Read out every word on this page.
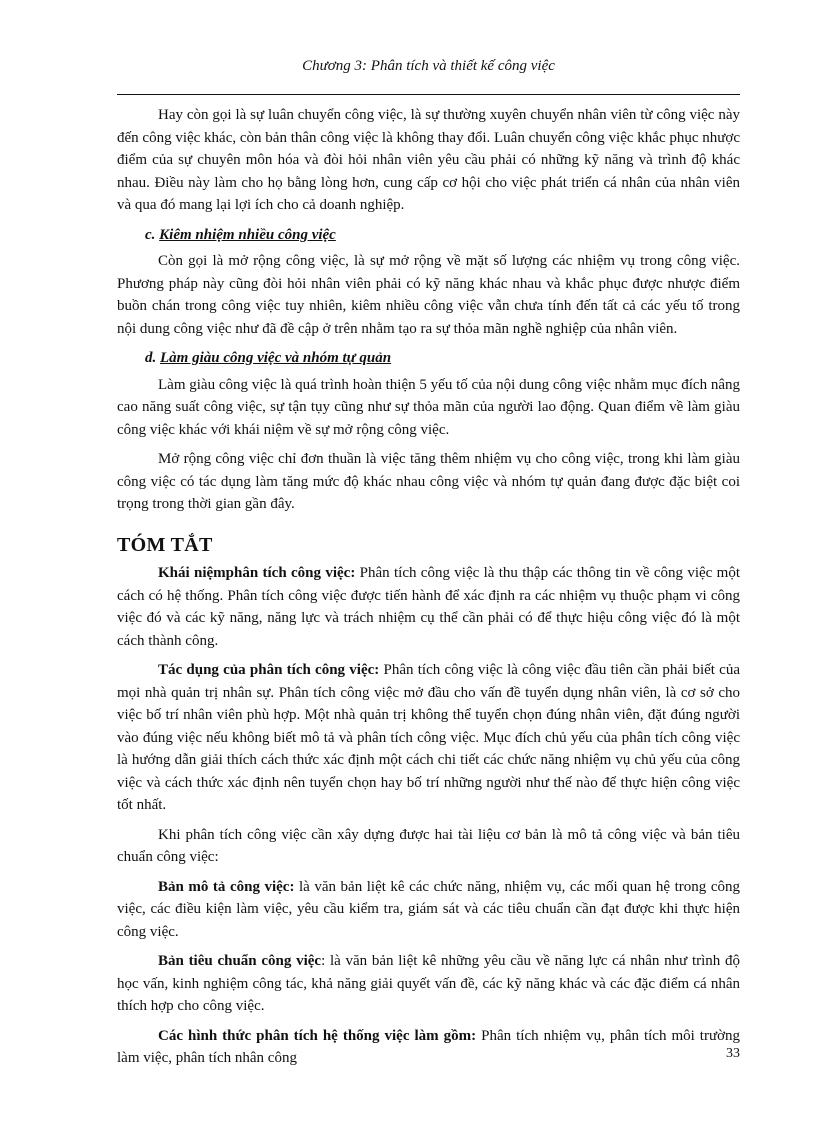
Chương 3: Phân tích và thiết kế công việc

Hay còn gọi là sự luân chuyển công việc, là sự thường xuyên chuyển nhân viên từ công việc này đến công việc khác, còn bản thân công việc là không thay đổi. Luân chuyển công việc khắc phục nhược điểm của sự chuyên môn hóa và đòi hỏi nhân viên yêu cầu phải có những kỹ năng và trình độ khác nhau. Điều này làm cho họ bằng lòng hơn, cung cấp cơ hội cho việc phát triển cá nhân của nhân viên và qua đó mang lại lợi ích cho cả doanh nghiệp.

c. Kiêm nhiệm nhiều công việc

Còn gọi là mở rộng công việc, là sự mở rộng về mặt số lượng các nhiệm vụ trong công việc. Phương pháp này cũng đòi hỏi nhân viên phải có kỹ năng khác nhau và khắc phục được nhược điểm buồn chán trong công việc tuy nhiên, kiêm nhiều công việc vẫn chưa tính đến tất cả các yếu tố trong nội dung công việc như đã đề cập ở trên nhằm tạo ra sự thỏa mãn nghề nghiệp của nhân viên.

d. Làm giàu công việc và nhóm tự quản

Làm giàu công việc là quá trình hoàn thiện 5 yếu tố của nội dung công việc nhằm mục đích nâng cao năng suất công việc, sự tận tụy cũng như sự thỏa mãn của người lao động. Quan điểm về làm giàu công việc khác với khái niệm về sự mở rộng công việc.

Mở rộng công việc chỉ đơn thuần là việc tăng thêm nhiệm vụ cho công việc, trong khi làm giàu công việc có tác dụng làm tăng mức độ khác nhau công việc và nhóm tự quản đang được đặc biệt coi trọng trong thời gian gần đây.

TÓM TẮT

Khái niệmphân tích công việc: Phân tích công việc là thu thập các thông tin về công việc một cách có hệ thống. Phân tích công việc được tiến hành để xác định ra các nhiệm vụ thuộc phạm vi công việc đó và các kỹ năng, năng lực và trách nhiệm cụ thể cần phải có để thực hiệu công việc đó là một cách thành công.

Tác dụng của phân tích công việc: Phân tích công việc là công việc đầu tiên cần phải biết của mọi nhà quản trị nhân sự. Phân tích công việc mở đầu cho vấn đề tuyển dụng nhân viên, là cơ sở cho việc bố trí nhân viên phù hợp. Một nhà quản trị không thể tuyển chọn đúng nhân viên, đặt đúng người vào đúng việc nếu không biết mô tả và phân tích công việc. Mục đích chủ yếu của phân tích công việc là hướng dẫn giải thích cách thức xác định một cách chi tiết các chức năng nhiệm vụ chủ yếu của công việc và cách thức xác định nên tuyển chọn hay bố trí những người như thế nào để thực hiện công việc tốt nhất.

Khi phân tích công việc cần xây dựng được hai tài liệu cơ bản là mô tả công việc và bản tiêu chuẩn công việc:

Bản mô tả công việc: là văn bản liệt kê các chức năng, nhiệm vụ, các mối quan hệ trong công việc, các điều kiện làm việc, yêu cầu kiểm tra, giám sát và các tiêu chuẩn cần đạt được khi thực hiện công việc.

Bản tiêu chuẩn công việc: là văn bản liệt kê những yêu cầu về năng lực cá nhân như trình độ học vấn, kinh nghiệm công tác, khả năng giải quyết vấn đề, các kỹ năng khác và các đặc điểm cá nhân thích hợp cho công việc.

Các hình thức phân tích hệ thống việc làm gồm: Phân tích nhiệm vụ, phân tích môi trường làm việc, phân tích nhân công	33
